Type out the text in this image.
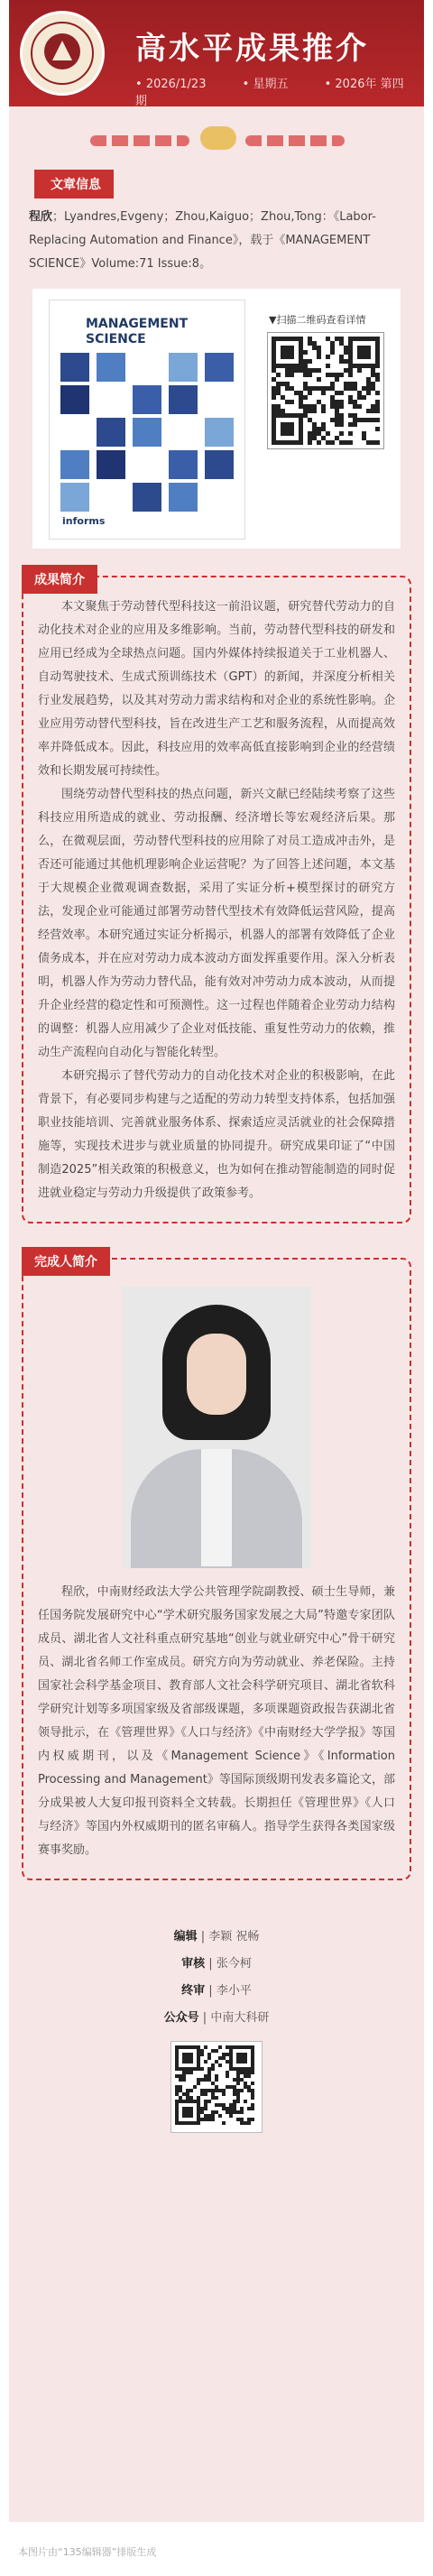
高水平成果推介
• 2026/1/23	• 星期五	• 2026年 第四期
文章信息
程欣；Lyandres,Evgeny；Zhou,Kaiguo；Zhou,Tong：《Labor-Replacing Automation and Finance》，载于《MANAGEMENT SCIENCE》Volume:71 Issue:8。
MANAGEMENT SCIENCE
informs
▼扫描二维码查看详情
成果简介

本文聚焦于劳动替代型科技这一前沿议题，研究替代劳动力的自动化技术对企业的应用及多维影响。当前，劳动替代型科技的研发和应用已经成为全球热点问题。国内外媒体持续报道关于工业机器人、自动驾驶技术、生成式预训练技术（GPT）的新闻，并深度分析相关行业发展趋势，以及其对劳动力需求结构和对企业的系统性影响。企业应用劳动替代型科技，旨在改进生产工艺和服务流程，从而提高效率并降低成本。因此，科技应用的效率高低直接影响到企业的经营绩效和长期发展可持续性。

围绕劳动替代型科技的热点问题，新兴文献已经陆续考察了这些科技应用所造成的就业、劳动报酬、经济增长等宏观经济后果。那么，在微观层面，劳动替代型科技的应用除了对员工造成冲击外，是否还可能通过其他机理影响企业运营呢？为了回答上述问题，本文基于大规模企业微观调查数据，采用了实证分析+模型探讨的研究方法，发现企业可能通过部署劳动替代型技术有效降低运营风险，提高经营效率。本研究通过实证分析揭示，机器人的部署有效降低了企业债务成本，并在应对劳动力成本波动方面发挥重要作用。深入分析表明，机器人作为劳动力替代品，能有效对冲劳动力成本波动，从而提升企业经营的稳定性和可预测性。这一过程也伴随着企业劳动力结构的调整：机器人应用减少了企业对低技能、重复性劳动力的依赖，推动生产流程向自动化与智能化转型。

本研究揭示了替代劳动力的自动化技术对企业的积极影响，在此背景下，有必要同步构建与之适配的劳动力转型支持体系，包括加强职业技能培训、完善就业服务体系、探索适应灵活就业的社会保障措施等，实现技术进步与就业质量的协同提升。研究成果印证了“中国制造2025”相关政策的积极意义，也为如何在推动智能制造的同时促进就业稳定与劳动力升级提供了政策参考。

完成人简介

程欣，中南财经政法大学公共管理学院副教授、硕士生导师，兼任国务院发展研究中心“学术研究服务国家发展之大局”特邀专家团队成员、湖北省人文社科重点研究基地“创业与就业研究中心”骨干研究员、湖北省名师工作室成员。研究方向为劳动就业、养老保险。主持国家社会科学基金项目、教育部人文社会科学研究项目、湖北省软科学研究计划等多项国家级及省部级课题，多项课题资政报告获湖北省领导批示，在《管理世界》《人口与经济》《中南财经大学学报》等国内权威期刊，以及《Management Science》《Information Processing and Management》等国际顶级期刊发表多篇论文，部分成果被人大复印报刊资料全文转载。长期担任《管理世界》《人口与经济》等国内外权威期刊的匿名审稿人。指导学生获得各类国家级赛事奖励。

编辑 | 李颖 祝畅
审核 | 张今柯
终审 | 李小平
公众号 | 中南大科研
本图片由“135编辑器”排版生成
